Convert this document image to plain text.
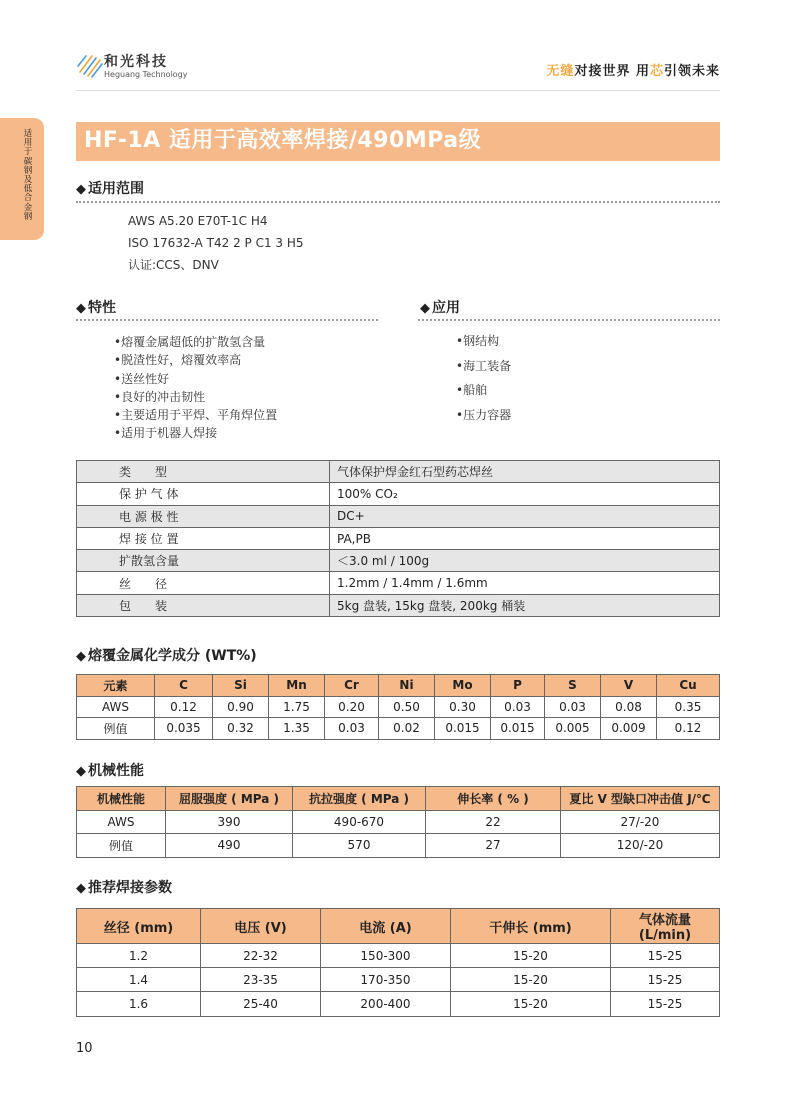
和光科技
Heguang Technology	无缝对接世界 用芯引领未来
适用于碳钢及低合金钢
HF-1A 适用于高效率焊接/490MPa级
◆ 适用范围
AWS A5.20 E70T-1C H4
ISO 17632-A T42 2 P C1 3 H5
认证:CCS、DNV
◆ 特性
• 熔覆金属超低的扩散氢含量
• 脱渣性好，熔覆效率高
• 送丝性好
• 良好的冲击韧性
• 主要适用于平焊、平角焊位置
• 适用于机器人焊接
◆ 应用
• 钢结构
• 海工装备
• 船舶
• 压力容器
类　　型	气体保护焊金红石型药芯焊丝
保 护 气 体	100% CO₂
电 源 极 性	DC+
焊 接 位 置	PA,PB
扩散氢含量	＜3.0 ml / 100g
丝　　径	1.2mm / 1.4mm / 1.6mm
包　　装	5kg 盘装, 15kg 盘装, 200kg 桶装
◆ 熔覆金属化学成分 (WT%)
元素	C	Si	Mn	Cr	Ni	Mo	P	S	V	Cu
AWS	0.12	0.90	1.75	0.20	0.50	0.30	0.03	0.03	0.08	0.35
例值	0.035	0.32	1.35	0.03	0.02	0.015	0.015	0.005	0.009	0.12
◆ 机械性能
机械性能	屈服强度 ( MPa )	抗拉强度 ( MPa )	伸长率 ( % )	夏比 V 型缺口冲击值 J/℃
AWS	390	490-670	22	27/-20
例值	490	570	27	120/-20
◆ 推荐焊接参数
丝径 (mm)	电压 (V)	电流 (A)	干伸长 (mm)	气体流量 (L/min)
1.2	22-32	150-300	15-20	15-25
1.4	23-35	170-350	15-20	15-25
1.6	25-40	200-400	15-20	15-25
10
